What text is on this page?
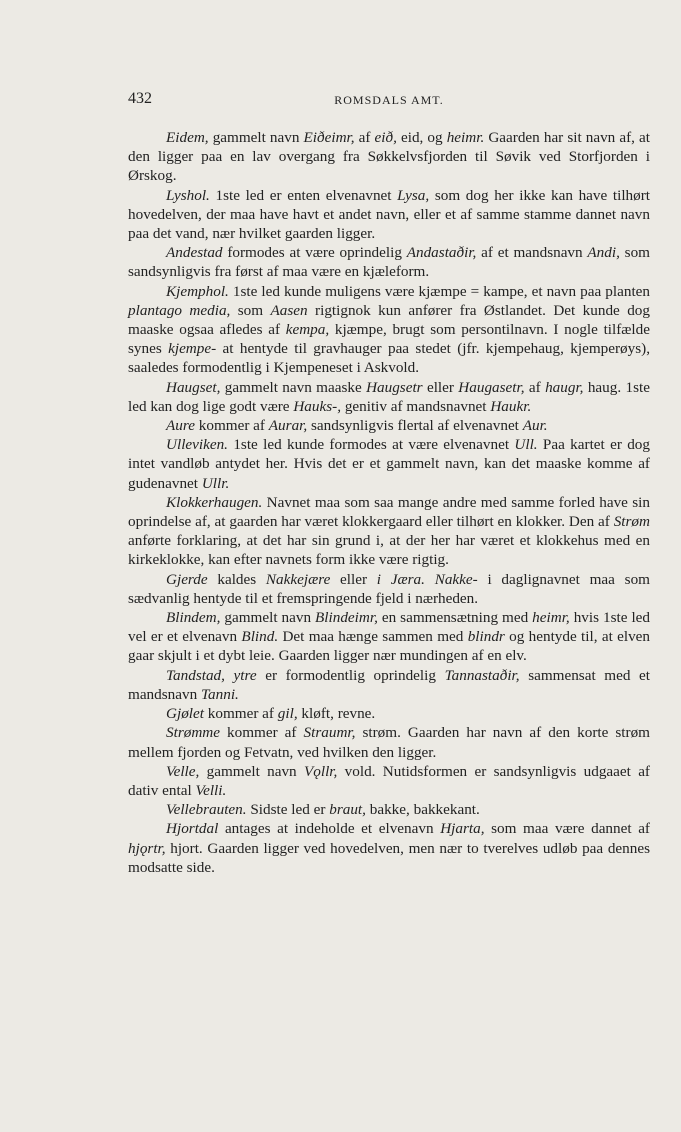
432	ROMSDALS AMT.

Eidem, gammelt navn Eiðeimr, af eið, eid, og heimr. Gaarden har sit navn af, at den ligger paa en lav overgang fra Søkkelvsfjorden til Søvik ved Storfjorden i Ørskog.

Lyshol. 1ste led er enten elvenavnet Lysa, som dog her ikke kan have tilhørt hovedelven, der maa have havt et andet navn, eller et af samme stamme dannet navn paa det vand, nær hvilket gaarden ligger.

Andestad formodes at være oprindelig Andastaðir, af et mandsnavn Andi, som sandsynligvis fra først af maa være en kjæleform.

Kjemphol. 1ste led kunde muligens være kjæmpe = kampe, et navn paa planten plantago media, som Aasen rigtignok kun anfører fra Østlandet. Det kunde dog maaske ogsaa afledes af kempa, kjæmpe, brugt som persontilnavn. I nogle tilfælde synes kjempe- at hentyde til gravhauger paa stedet (jfr. kjempehaug, kjemperøys), saaledes formodentlig i Kjempeneset i Askvold.

Haugset, gammelt navn maaske Haugsetr eller Haugasetr, af haugr, haug. 1ste led kan dog lige godt være Hauks-, genitiv af mandsnavnet Haukr.

Aure kommer af Aurar, sandsynligvis flertal af elvenavnet Aur.

Ulleviken. 1ste led kunde formodes at være elvenavnet Ull. Paa kartet er dog intet vandløb antydet her. Hvis det er et gammelt navn, kan det maaske komme af gudenavnet Ullr.

Klokkerhaugen. Navnet maa som saa mange andre med samme forled have sin oprindelse af, at gaarden har været klokkergaard eller tilhørt en klokker. Den af Strøm anførte forklaring, at det har sin grund i, at der her har været et klokkehus med en kirkeklokke, kan efter navnets form ikke være rigtig.

Gjerde kaldes Nakkejære eller i Jæra. Nakke- i daglignavnet maa som sædvanlig hentyde til et fremspringende fjeld i nærheden.

Blindem, gammelt navn Blindeimr, en sammensætning med heimr, hvis 1ste led vel er et elvenavn Blind. Det maa hænge sammen med blindr og hentyde til, at elven gaar skjult i et dybt leie. Gaarden ligger nær mundingen af en elv.

Tandstad, ytre er formodentlig oprindelig Tannastaðir, sammensat med et mandsnavn Tanni.

Gjølet kommer af gil, kløft, revne.

Strømme kommer af Straumr, strøm. Gaarden har navn af den korte strøm mellem fjorden og Fetvatn, ved hvilken den ligger.

Velle, gammelt navn Vǫllr, vold. Nutidsformen er sandsynligvis udgaaet af dativ ental Velli.

Vellebrauten. Sidste led er braut, bakke, bakkekant.

Hjortdal antages at indeholde et elvenavn Hjarta, som maa være dannet af hjǫrtr, hjort. Gaarden ligger ved hovedelven, men nær to tverelves udløb paa dennes modsatte side.
